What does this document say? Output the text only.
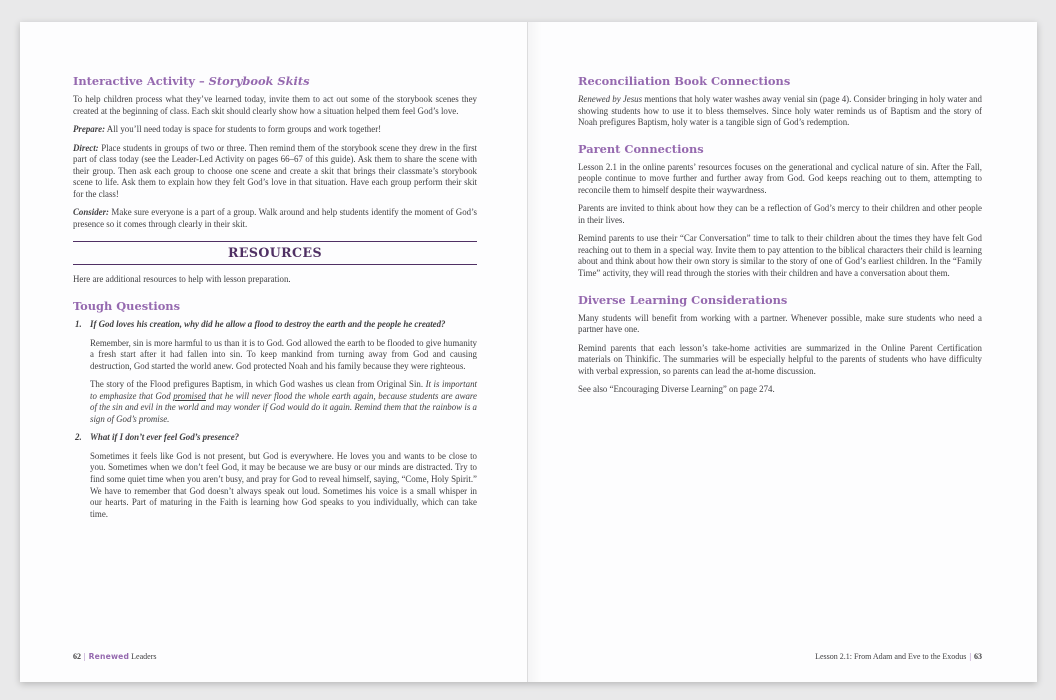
Interactive Activity – Storybook Skits

To help children process what they’ve learned today, invite them to act out some of the storybook scenes they created at the beginning of class. Each skit should clearly show how a situation helped them feel God’s love.

Prepare: All you’ll need today is space for students to form groups and work together!

Direct: Place students in groups of two or three. Then remind them of the storybook scene they drew in the first part of class today (see the Leader-Led Activity on pages 66–67 of this guide). Ask them to share the scene with their group. Then ask each group to choose one scene and create a skit that brings their classmate’s storybook scene to life. Ask them to explain how they felt God’s love in that situation. Have each group perform their skit for the class!

Consider: Make sure everyone is a part of a group. Walk around and help students identify the moment of God’s presence so it comes through clearly in their skit.

RESOURCES

Here are additional resources to help with lesson preparation.

Tough Questions
1. If God loves his creation, why did he allow a flood to destroy the earth and the people he created?

Remember, sin is more harmful to us than it is to God. God allowed the earth to be flooded to give humanity a fresh start after it had fallen into sin. To keep mankind from turning away from God and causing destruction, God started the world anew. God protected Noah and his family because they were righteous.

The story of the Flood prefigures Baptism, in which God washes us clean from Original Sin. It is important to emphasize that God promised that he will never flood the whole earth again, because students are aware of the sin and evil in the world and may wonder if God would do it again. Remind them that the rainbow is a sign of God’s promise.

2. What if I don’t ever feel God’s presence?

Sometimes it feels like God is not present, but God is everywhere. He loves you and wants to be close to you. Sometimes when we don’t feel God, it may be because we are busy or our minds are distracted. Try to find some quiet time when you aren’t busy, and pray for God to reveal himself, saying, “Come, Holy Spirit.” We have to remember that God doesn’t always speak out loud. Sometimes his voice is a small whisper in our hearts. Part of maturing in the Faith is learning how God speaks to you individually, which can take time.

Reconciliation Book Connections

Renewed by Jesus mentions that holy water washes away venial sin (page 4). Consider bringing in holy water and showing students how to use it to bless themselves. Since holy water reminds us of Baptism and the story of Noah prefigures Baptism, holy water is a tangible sign of God’s redemption.

Parent Connections

Lesson 2.1 in the online parents’ resources focuses on the generational and cyclical nature of sin. After the Fall, people continue to move further and further away from God. God keeps reaching out to them, attempting to reconcile them to himself despite their waywardness.

Parents are invited to think about how they can be a reflection of God’s mercy to their children and other people in their lives.

Remind parents to use their “Car Conversation” time to talk to their children about the times they have felt God reaching out to them in a special way. Invite them to pay attention to the biblical characters their child is learning about and think about how their own story is similar to the story of one of God’s earliest children. In the “Family Time” activity, they will read through the stories with their children and have a conversation about them.

Diverse Learning Considerations

Many students will benefit from working with a partner. Whenever possible, make sure students who need a partner have one.

Remind parents that each lesson’s take-home activities are summarized in the Online Parent Certification materials on Thinkific. The summaries will be especially helpful to the parents of students who have difficulty with verbal expression, so parents can lead the at-home discussion.

See also “Encouraging Diverse Learning” on page 274.

62 | Renewed Leaders	Lesson 2.1: From Adam and Eve to the Exodus | 63
